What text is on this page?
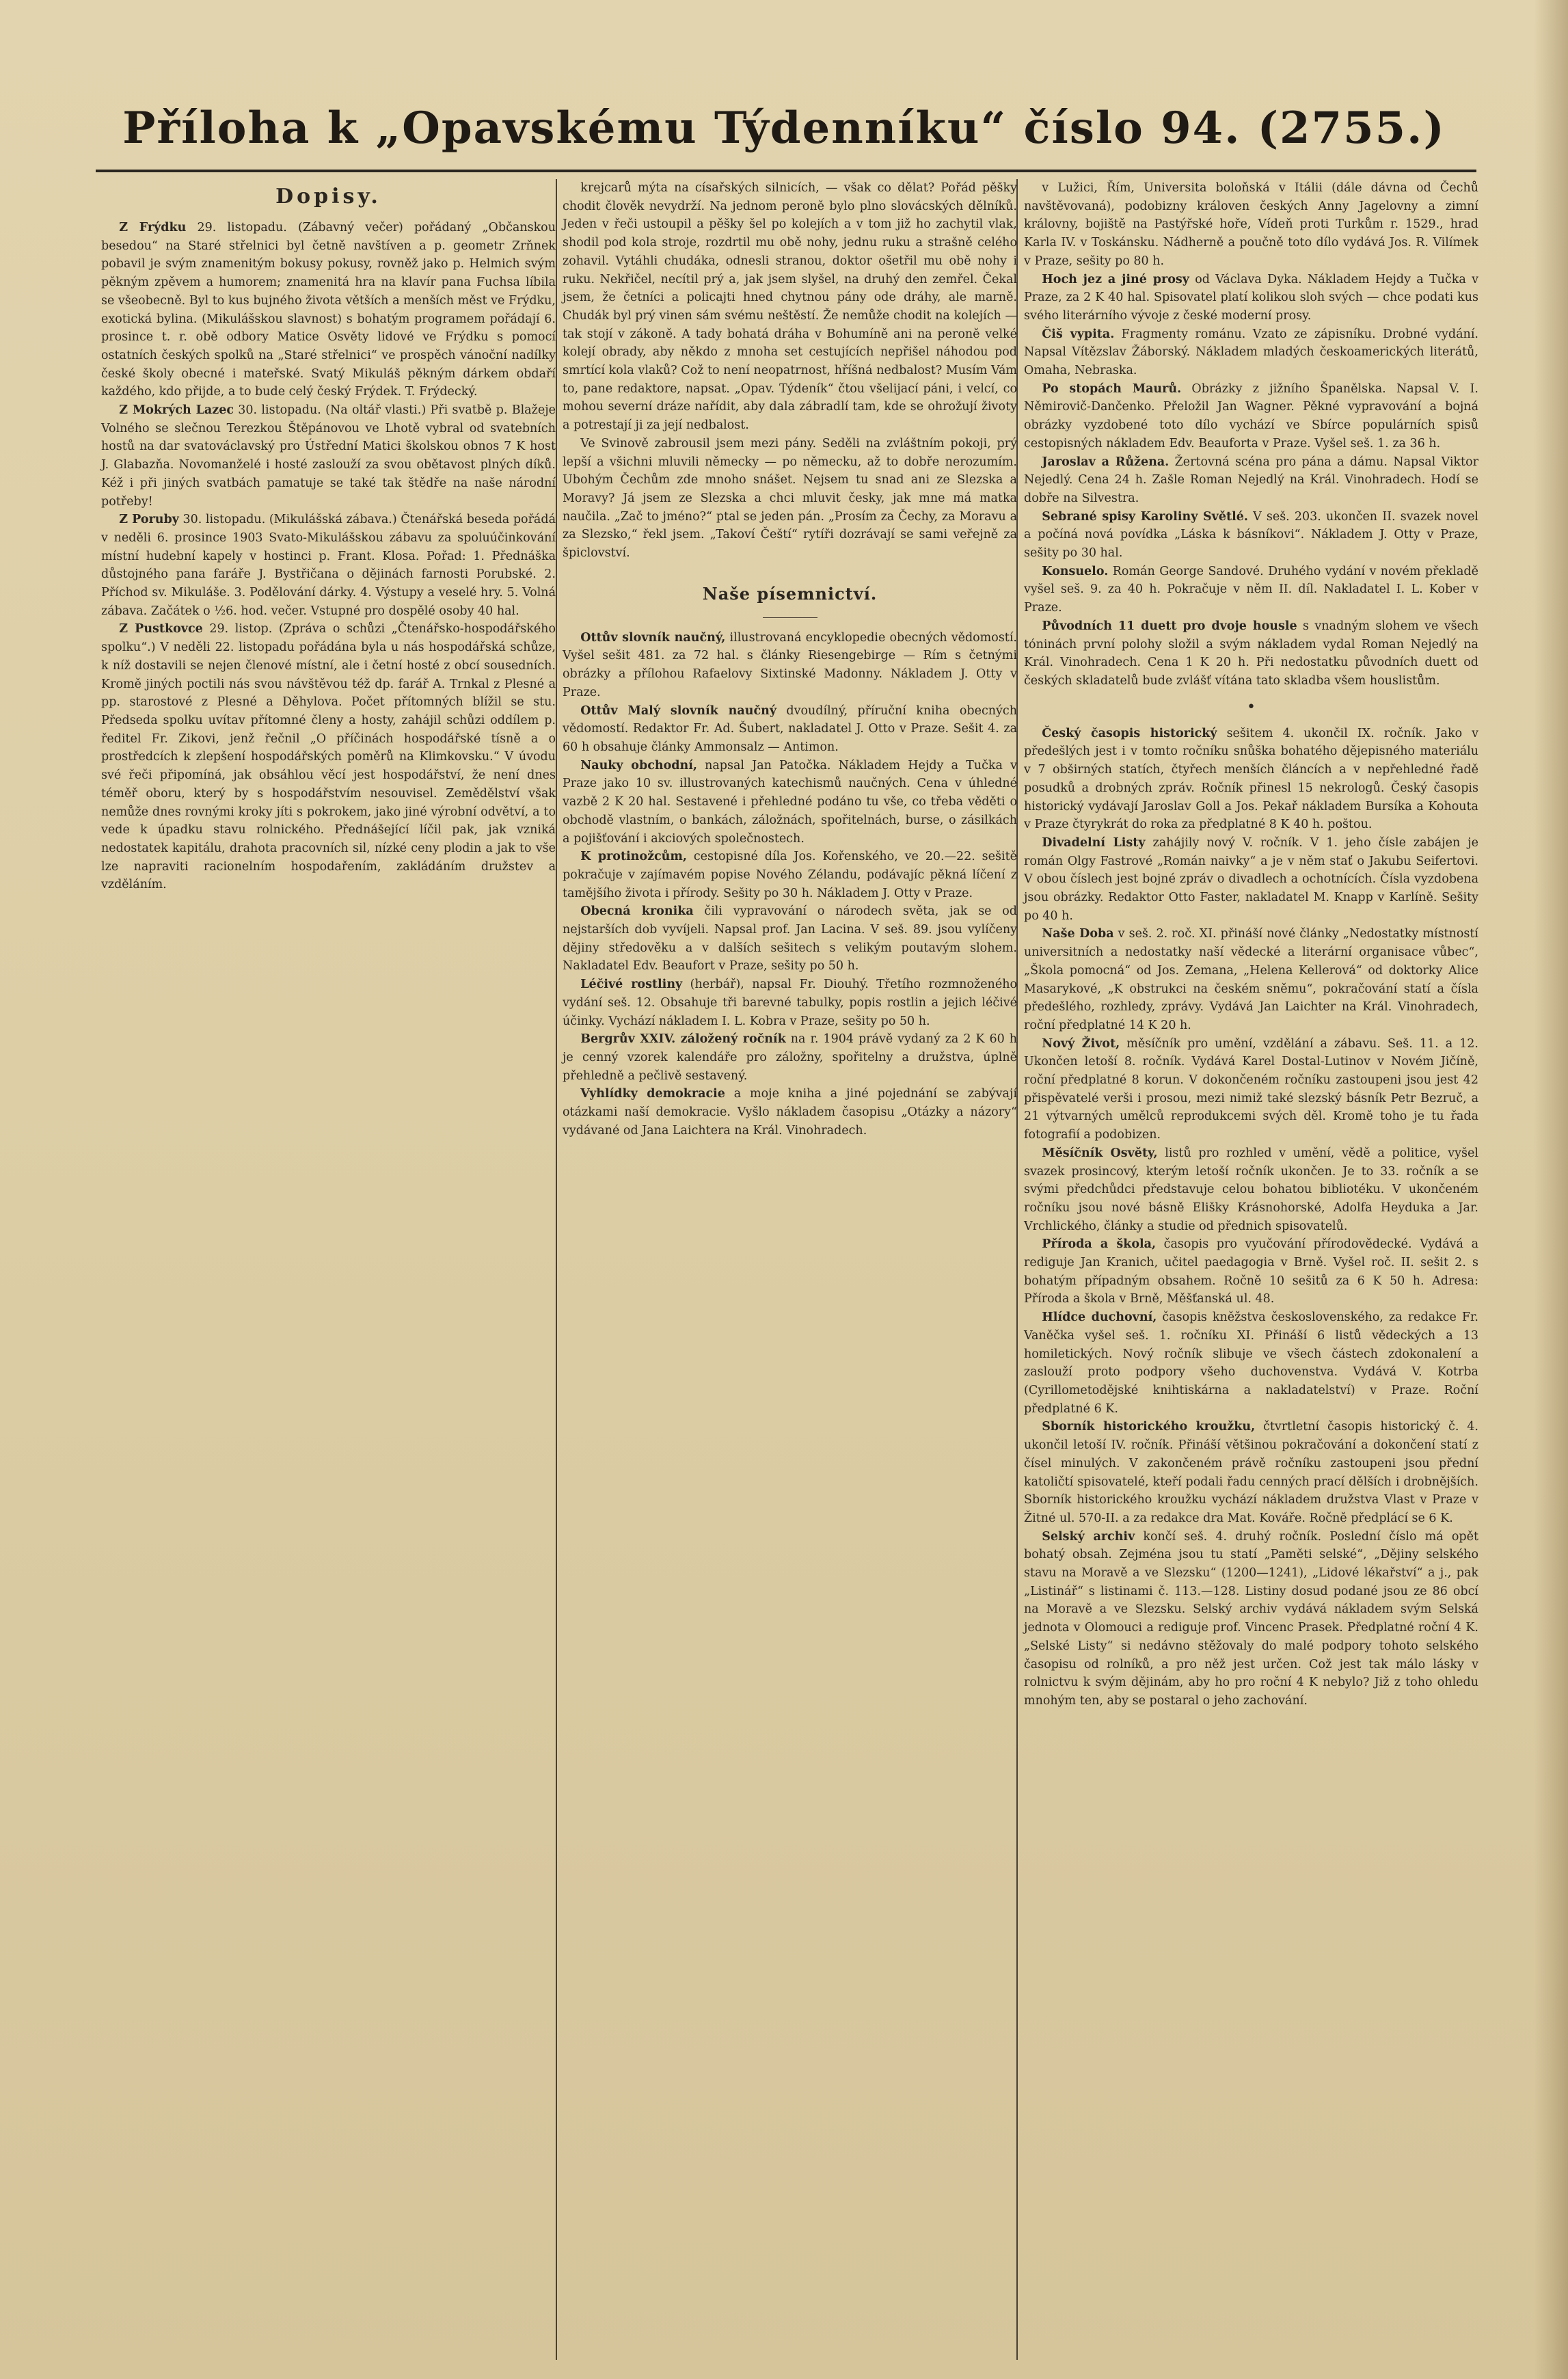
Příloha k „Opavskému Týdenníku“ číslo 94. (2755.)
Dopisy.

Z Frýdku 29. listopadu. (Zábavný večer) pořádaný „Občanskou besedou“ na Staré střelnici byl četně navštíven a p. geometr Zrňnek pobavil je svým znamenitým bokusy pokusy, rovněž jako p. Helmich svým pěkným zpěvem a humorem; znamenitá hra na klavír pana Fuchsa líbila se všeobecně. Byl to kus bujného života větších a menších měst ve Frýdku, exotická bylina. (Mikulášskou slavnost) s bohatým programem pořádají 6. prosince t. r. obě odbory Matice Osvěty lidové ve Frýdku s pomocí ostatních českých spolků na „Staré střelnici“ ve prospěch vánoční nadílky české školy obecné i mateřské. Svatý Mikuláš pěkným dárkem obdaří každého, kdo přijde, a to bude celý český Frýdek. T. Frýdecký.

Z Mokrých Lazec 30. listopadu. (Na oltář vlasti.) Při svatbě p. Blažeje Volného se slečnou Terezkou Štěpánovou ve Lhotě vybral od svatebních hostů na dar svatováclavský pro Ústřední Matici školskou obnos 7 K host J. Glabazňa. Novomanželé i hosté zaslouží za svou obětavost plných díků. Kéž i při jiných svatbách pamatuje se také tak štědře na naše národní potřeby!

Z Poruby 30. listopadu. (Mikulášská zábava.) Čtenářská beseda pořádá v neděli 6. prosince 1903 Svato-Mikulášskou zábavu za spoluúčinkování místní hudební kapely v hostinci p. Frant. Klosa. Pořad: 1. Přednáška důstojného pana faráře J. Bystřičana o dějinách farnosti Porubské. 2. Příchod sv. Mikuláše. 3. Podělování dárky. 4. Výstupy a veselé hry. 5. Volná zábava. Začátek o ½6. hod. večer. Vstupné pro dospělé osoby 40 hal.

Z Pustkovce 29. listop. (Zpráva o schůzi „Čtenářsko-hospodářského spolku“.) V neděli 22. listopadu pořádána byla u nás hospodářská schůze, k níž dostavili se nejen členové místní, ale i četní hosté z obcí sousedních. Kromě jiných poctili nás svou návštěvou též dp. farář A. Trnkal z Plesné a pp. starostové z Plesné a Děhylova. Počet přítomných blížil se stu. Předseda spolku uvítav přítomné členy a hosty, zahájil schůzi oddílem p. ředitel Fr. Zikovi, jenž řečnil „O příčinách hospodářské tísně a o prostředcích k zlepšení hospodářských poměrů na Klimkovsku.“ V úvodu své řeči připomíná, jak obsáhlou věcí jest hospodářství, že není dnes téměř oboru, který by s hospodářstvím nesouvisel. Zemědělství však nemůže dnes rovnými kroky jíti s pokrokem, jako jiné výrobní odvětví, a to vede k úpadku stavu rolnického. Přednášející líčil pak, jak vzniká nedostatek kapitálu, drahota pracovních sil, nízké ceny plodin a jak to vše lze napraviti racionelním hospodařením, zakládáním družstev a vzděláním.

krejcarů mýta na císařských silnicích, — však co dělat? Pořád pěšky chodit člověk nevydrží. Na jednom peroně bylo plno slovácských dělníků. Jeden v řeči ustoupil a pěšky šel po kolejích a v tom již ho zachytil vlak, shodil pod kola stroje, rozdrtil mu obě nohy, jednu ruku a strašně celého zohavil. Vytáhli chudáka, odnesli stranou, doktor ošetřil mu obě nohy i ruku. Nekřičel, necítil prý a, jak jsem slyšel, na druhý den zemřel. Čekal jsem, že četníci a policajti hned chytnou pány ode dráhy, ale marně. Chudák byl prý vinen sám svému neštěstí. Že nemůže chodit na kolejích — tak stojí v zákoně. A tady bohatá dráha v Bohumíně ani na peroně velké kolejí obrady, aby někdo z mnoha set cestujících nepřišel náhodou pod smrtící kola vlaků? Což to není neopatrnost, hříšná nedbalost? Musím Vám to, pane redaktore, napsat. „Opav. Týdeník“ čtou všelijací páni, i velcí, co mohou severní dráze nařídit, aby dala zábradlí tam, kde se ohrožují životy a potrestají ji za její nedbalost.

Ve Svinově zabrousil jsem mezi pány. Seděli na zvláštním pokoji, prý lepší a všichni mluvili německy — po německu, až to dobře nerozumím. Ubohým Čechům zde mnoho snášet. Nejsem tu snad ani ze Slezska a Moravy? Já jsem ze Slezska a chci mluvit česky, jak mne má matka naučila. „Zač to jméno?“ ptal se jeden pán. „Prosím za Čechy, za Moravu a za Slezsko,“ řekl jsem. „Takoví Čeští“ rytíři dozrávají se sami veřejně za špiclovství.

Naše písemnictví.

Ottův slovník naučný, illustrovaná encyklopedie obecných vědomostí. Vyšel sešit 481. za 72 hal. s články Riesengebirge — Rím s četnými obrázky a přílohou Rafaelovy Sixtinské Madonny. Nákladem J. Otty v Praze.

Ottův Malý slovník naučný dvoudílný, příruční kniha obecných vědomostí. Redaktor Fr. Ad. Šubert, nakladatel J. Otto v Praze. Sešit 4. za 60 h obsahuje články Ammonsalz — Antimon.

Nauky obchodní, napsal Jan Patočka. Nákladem Hejdy a Tučka v Praze jako 10 sv. illustrovaných katechismů naučných. Cena v úhledné vazbě 2 K 20 hal. Sestavené i přehledné podáno tu vše, co třeba věděti o obchodě vlastním, o bankách, záložnách, spořitelnách, burse, o zásilkách a pojišťování i akciových společnostech.

K protinožcům, cestopisné díla Jos. Kořenského, ve 20.—22. sešitě pokračuje v zajímavém popise Nového Zélandu, podávajíc pěkná líčení z tamějšího života i přírody. Sešity po 30 h. Nákladem J. Otty v Praze.

Obecná kronika čili vypravování o národech světa, jak se od nejstarších dob vyvíjeli. Napsal prof. Jan Lacina. V seš. 89. jsou vylíčeny dějiny středověku a v dalších sešitech s velikým poutavým slohem. Nakladatel Edv. Beaufort v Praze, sešity po 50 h.

Léčivé rostliny (herbář), napsal Fr. Diouhý. Třetího rozmnoženého vydání seš. 12. Obsahuje tři barevné tabulky, popis rostlin a jejich léčivé účinky. Vychází nákladem I. L. Kobra v Praze, sešity po 50 h.

Bergrův XXIV. záložený ročník na r. 1904 právě vydaný za 2 K 60 h je cenný vzorek kalendáře pro záložny, spořitelny a družstva, úplně přehledně a pečlivě sestavený.

Vyhlídky demokracie a moje kniha a jiné pojednání se zabývají otázkami naší demokracie. Vyšlo nákladem časopisu „Otázky a názory“ vydávané od Jana Laichtera na Král. Vinohradech.

v Lužici, Řím, Universita boloňská v Itálii (dále dávna od Čechů navštěvovaná), podobizny královen českých Anny Jagelovny a zimní královny, bojiště na Pastýřské hoře, Vídeň proti Turkům r. 1529., hrad Karla IV. v Toskánsku. Nádherně a poučně toto dílo vydává Jos. R. Vilímek v Praze, sešity po 80 h.

Hoch jez a jiné prosy od Václava Dyka. Nákladem Hejdy a Tučka v Praze, za 2 K 40 hal. Spisovatel platí kolikou sloh svých — chce podati kus svého literárního vývoje z české moderní prosy.

Čiš vypita. Fragmenty románu. Vzato ze zápisníku. Drobné vydání. Napsal Vítězslav Žáborský. Nákladem mladých českoamerických literátů, Omaha, Nebraska.

Po stopách Maurů. Obrázky z jižního Španělska. Napsal V. I. Němirovič-Dančenko. Přeložil Jan Wagner. Pěkné vypravování a bojná obrázky vyzdobené toto dílo vychází ve Sbírce populárních spisů cestopisných nákladem Edv. Beauforta v Praze. Vyšel seš. 1. za 36 h.

Jaroslav a Růženа. Žertovná scéna pro pána a dámu. Napsal Viktor Nejedlý. Cena 24 h. Zašle Roman Nejedlý na Král. Vinohradech. Hodí se dobře na Silvestra.

Sebrané spisy Karoliny Světlé. V seš. 203. ukončen II. svazek novel a počíná nová povídka „Láska k básníkovi“. Nákladem J. Otty v Praze, sešity po 30 hal.

Konsuelo. Román George Sandové. Druhého vydání v novém překladě vyšel seš. 9. za 40 h. Pokračuje v něm II. díl. Nakladatel I. L. Kober v Praze.

Původních 11 duett pro dvoje housle s vnadným slohem ve všech tóninách první polohy složil a svým nákladem vydal Roman Nejedlý na Král. Vinohradech. Cena 1 K 20 h. Při nedostatku původních duett od českých skladatelů bude zvlášť vítána tato skladba všem houslistům.

•

Český časopis historický sešitem 4. ukončil IX. ročník. Jako v předešlých jest i v tomto ročníku snůška bohatého dějepisného materiálu v 7 obširných statích, čtyřech menších článcích a v nepřehledné řadě posudků a drobných zpráv. Ročník přinesl 15 nekrologů. Český časopis historický vydávají Jaroslav Goll a Jos. Pekař nákladem Bursíka a Kohouta v Praze čtyrykrát do roka za předplatné 8 K 40 h. poštou.

Divadelní Listy zahájily nový V. ročník. V 1. jeho čísle zabájen je román Olgy Fastrové „Román naivky“ a je v něm stať o Jakubu Seifertovi. V obou číslech jest bojné zpráv o divadlech a ochotnících. Čísla vyzdobena jsou obrázky. Redaktor Otto Faster, nakladatel M. Knapp v Karlíně. Sešity po 40 h.

Naše Doba v seš. 2. roč. XI. přináší nové články „Nedostatky místností universitních a nedostatky naší vědecké a literární organisace vůbec“, „Škola pomocná“ od Jos. Zemana, „Helena Kellerová“ od doktorky Alice Masarykové, „K obstrukci na českém sněmu“, pokračování statí a čísla předešlého, rozhledy, zprávy. Vydává Jan Laichter na Král. Vinohradech, roční předplatné 14 K 20 h.

Nový Život, měsíčník pro umění, vzdělání a zábavu. Seš. 11. a 12. Ukončen letoší 8. ročník. Vydává Karel Dostal-Lutinov v Novém Jičíně, roční předplatné 8 korun. V dokončeném ročníku zastoupeni jsou jest 42 přispěvatelé verši i prosou, mezi nimiž také slezský básník Petr Bezruč, a 21 výtvarných umělců reprodukcemi svých děl. Kromě toho je tu řada fotografií a podobizen.

Měsíčník Osvěty, listů pro rozhled v umění, vědě a politice, vyšel svazek prosincový, kterým letoší ročník ukončen. Je to 33. ročník a se svými předchůdci představuje celou bohatou bibliotéku. V ukončeném ročníku jsou nové básně Elišky Krásnohorské, Adolfa Heyduka a Jar. Vrchlického, články a studie od přednich spisovatelů.

Příroda a škola, časopis pro vyučování přírodovědecké. Vydává a rediguje Jan Kranich, učitel paedagogia v Brně. Vyšel roč. II. sešit 2. s bohatým případným obsahem. Ročně 10 sešitů za 6 K 50 h. Adresa: Příroda a škola v Brně, Měšťanská ul. 48.

Hlídce duchovní, časopis kněžstva československého, za redakce Fr. Vaněčka vyšel seš. 1. ročníku XI. Přináší 6 listů vědeckých a 13 homiletických. Nový ročník slibuje ve všech částech zdokonalení a zaslouží proto podpory všeho duchovenstva. Vydává V. Kotrba (Cyrillometodějské knihtiskárna a nakladatelství) v Praze. Roční předplatné 6 K.

Sborník historického kroužku, čtvrtletní časopis historický č. 4. ukončil letoší IV. ročník. Přináší většinou pokračování a dokončení statí z čísel minulých. V zakončeném právě ročníku zastoupeni jsou přední katoličtí spisovatelé, kteří podali řadu cenných prací dělších i drobnějších. Sborník historického kroužku vychází nákladem družstva Vlast v Praze v Žitné ul. 570-II. a za redakce dra Mat. Kovářе. Ročně předplácí se 6 K.

Selský archiv končí seš. 4. druhý ročník. Poslední číslo má opět bohatý obsah. Zejména jsou tu statí „Paměti selské“, „Dějiny selského stavu na Moravě a ve Slezsku“ (1200—1241), „Lidové lékařství“ a j., pak „Listinář“ s listinami č. 113.—128. Listiny dosud podané jsou ze 86 obcí na Moravě a ve Slezsku. Selský archiv vydává nákladem svým Selská jednota v Olomouci a rediguje prof. Vincenc Prasek. Předplatné roční 4 K. „Selské Listy“ si nedávno stěžovaly do malé podpory tohoto selského časopisu od rolníků, a pro něž jest určen. Což jest tak málo lásky v rolnictvu k svým dějinám, aby ho pro roční 4 K nebylo? Již z toho ohledu mnohým ten, aby se postaral o jeho zachování.
